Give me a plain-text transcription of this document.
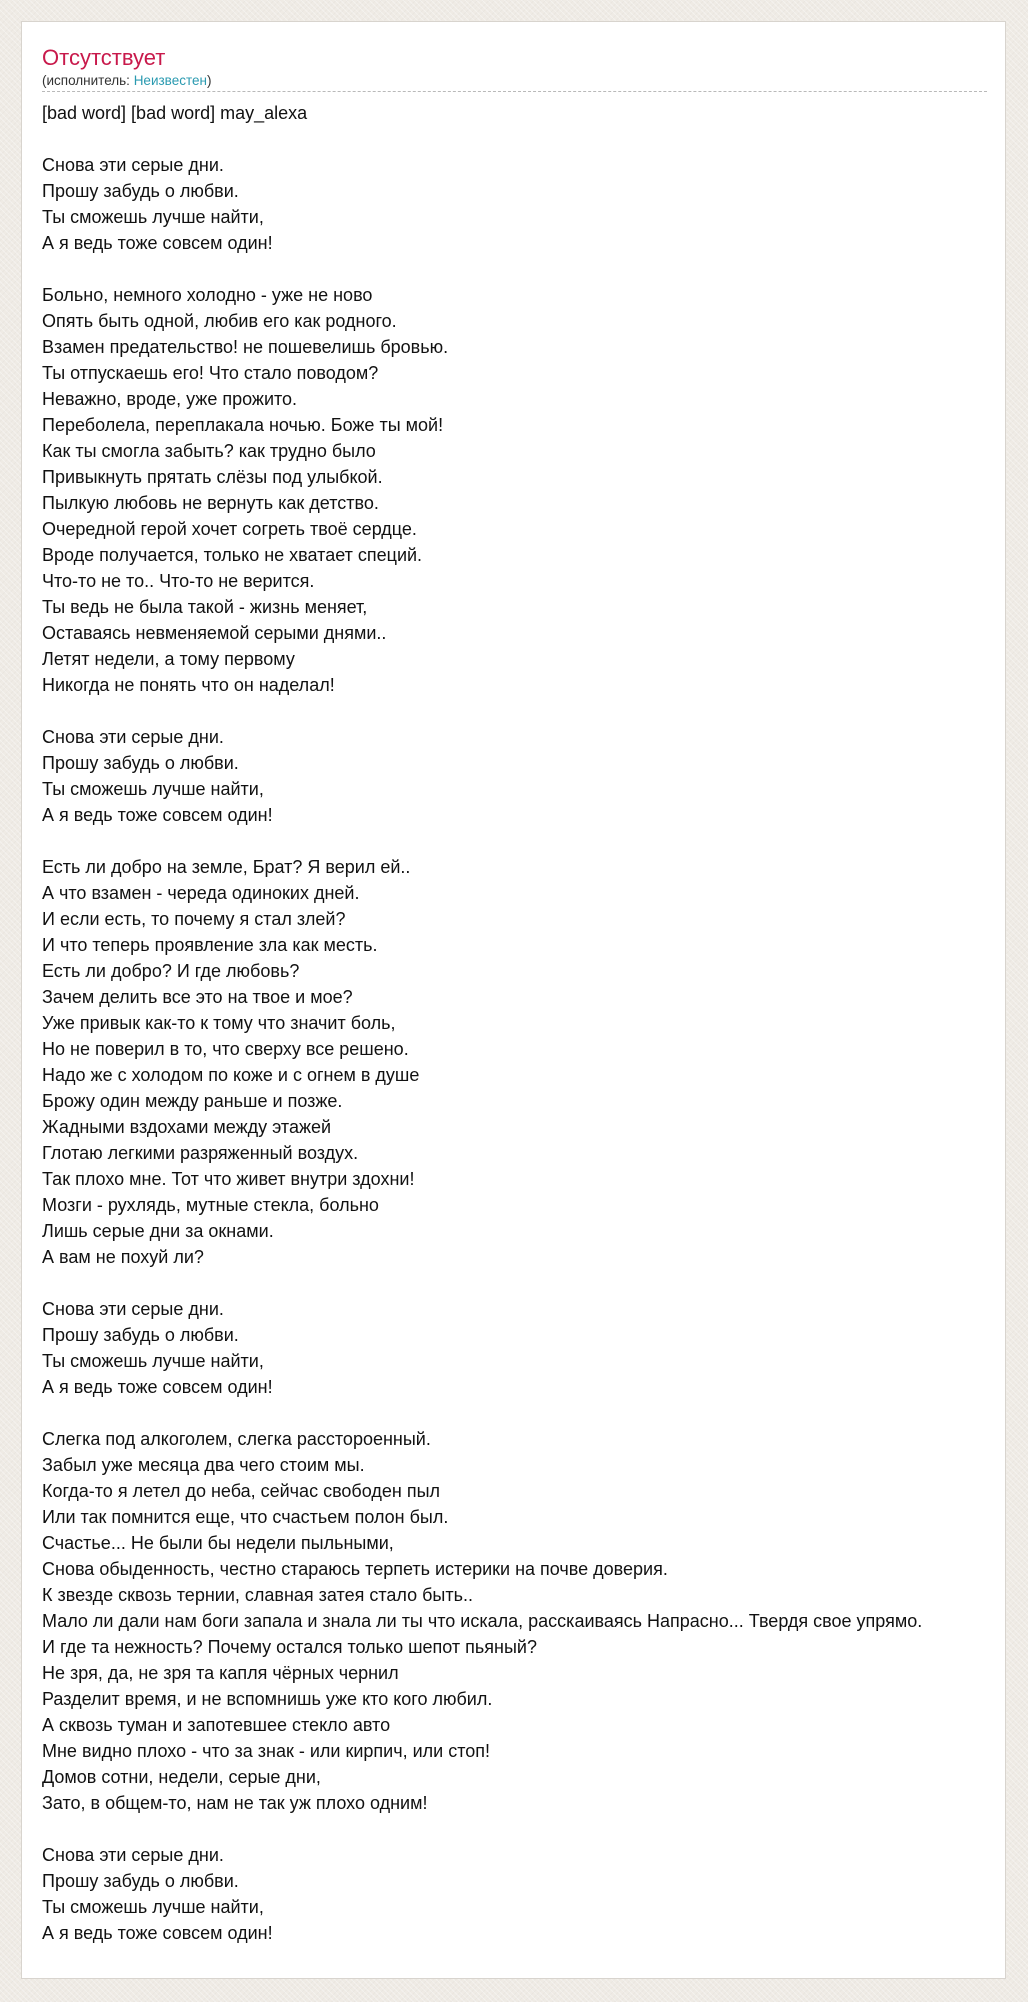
Отсутствует
(исполнитель: Неизвестен)
[bad word] [bad word] may_alexa
Снова эти серые дни.
Прошу забудь о любви.
Ты сможешь лучше найти,
А я ведь тоже совсем один!
Больно, немного холодно - уже не ново
Опять быть одной, любив его как родного.
Взамен предательство! не пошевелишь бровью.
Ты отпускаешь его! Что стало поводом?
Неважно, вроде, уже прожито.
Переболела, переплакала ночью. Боже ты мой!
Как ты смогла забыть? как трудно было
Привыкнуть прятать слёзы под улыбкой.
Пылкую любовь не вернуть как детство.
Очередной герой хочет согреть твоё сердце.
Вроде получается, только не хватает специй.
Что-то не то.. Что-то не верится.
Ты ведь не была такой - жизнь меняет,
Оставаясь невменяемой серыми днями..
Летят недели, а тому первому
Никогда не понять что он наделал!
Снова эти серые дни.
Прошу забудь о любви.
Ты сможешь лучше найти,
А я ведь тоже совсем один!
Есть ли добро на земле, Брат? Я верил ей..
А что взамен - череда одиноких дней.
И если есть, то почему я стал злей?
И что теперь проявление зла как месть.
Есть ли добро? И где любовь?
Зачем делить все это на твое и мое?
Уже привык как-то к тому что значит боль,
Но не поверил в то, что сверху все решено.
Надо же с холодом по коже и с огнем в душе
Брожу один между раньше и позже.
Жадными вздохами между этажей
Глотаю легкими разряженный воздух.
Так плохо мне. Тот что живет внутри здохни!
Мозги - рухлядь, мутные стекла, больно
Лишь серые дни за окнами.
А вам не похуй ли?
Снова эти серые дни.
Прошу забудь о любви.
Ты сможешь лучше найти,
А я ведь тоже совсем один!
Слегка под алкоголем, слегка расстороенный.
Забыл уже месяца два чего стоим мы.
Когда-то я летел до неба, сейчас свободен пыл
Или так помнится еще, что счастьем полон был.
Счастье... Не были бы недели пыльными,
Снова обыденность, честно стараюсь терпеть истерики на почве доверия.
К звезде сквозь тернии, славная затея стало быть..
Мало ли дали нам боги запала и знала ли ты что искала, расскаиваясь Напрасно... Твердя свое упрямо.
И где та нежность? Почему остался только шепот пьяный?
Не зря, да, не зря та капля чёрных чернил
Разделит время, и не вспомнишь уже кто кого любил.
А сквозь туман и запотевшее стекло авто
Мне видно плохо - что за знак - или кирпич, или стоп!
Домов сотни, недели, серые дни,
Зато, в общем-то, нам не так уж плохо одним!
Снова эти серые дни.
Прошу забудь о любви.
Ты сможешь лучше найти,
А я ведь тоже совсем один!
